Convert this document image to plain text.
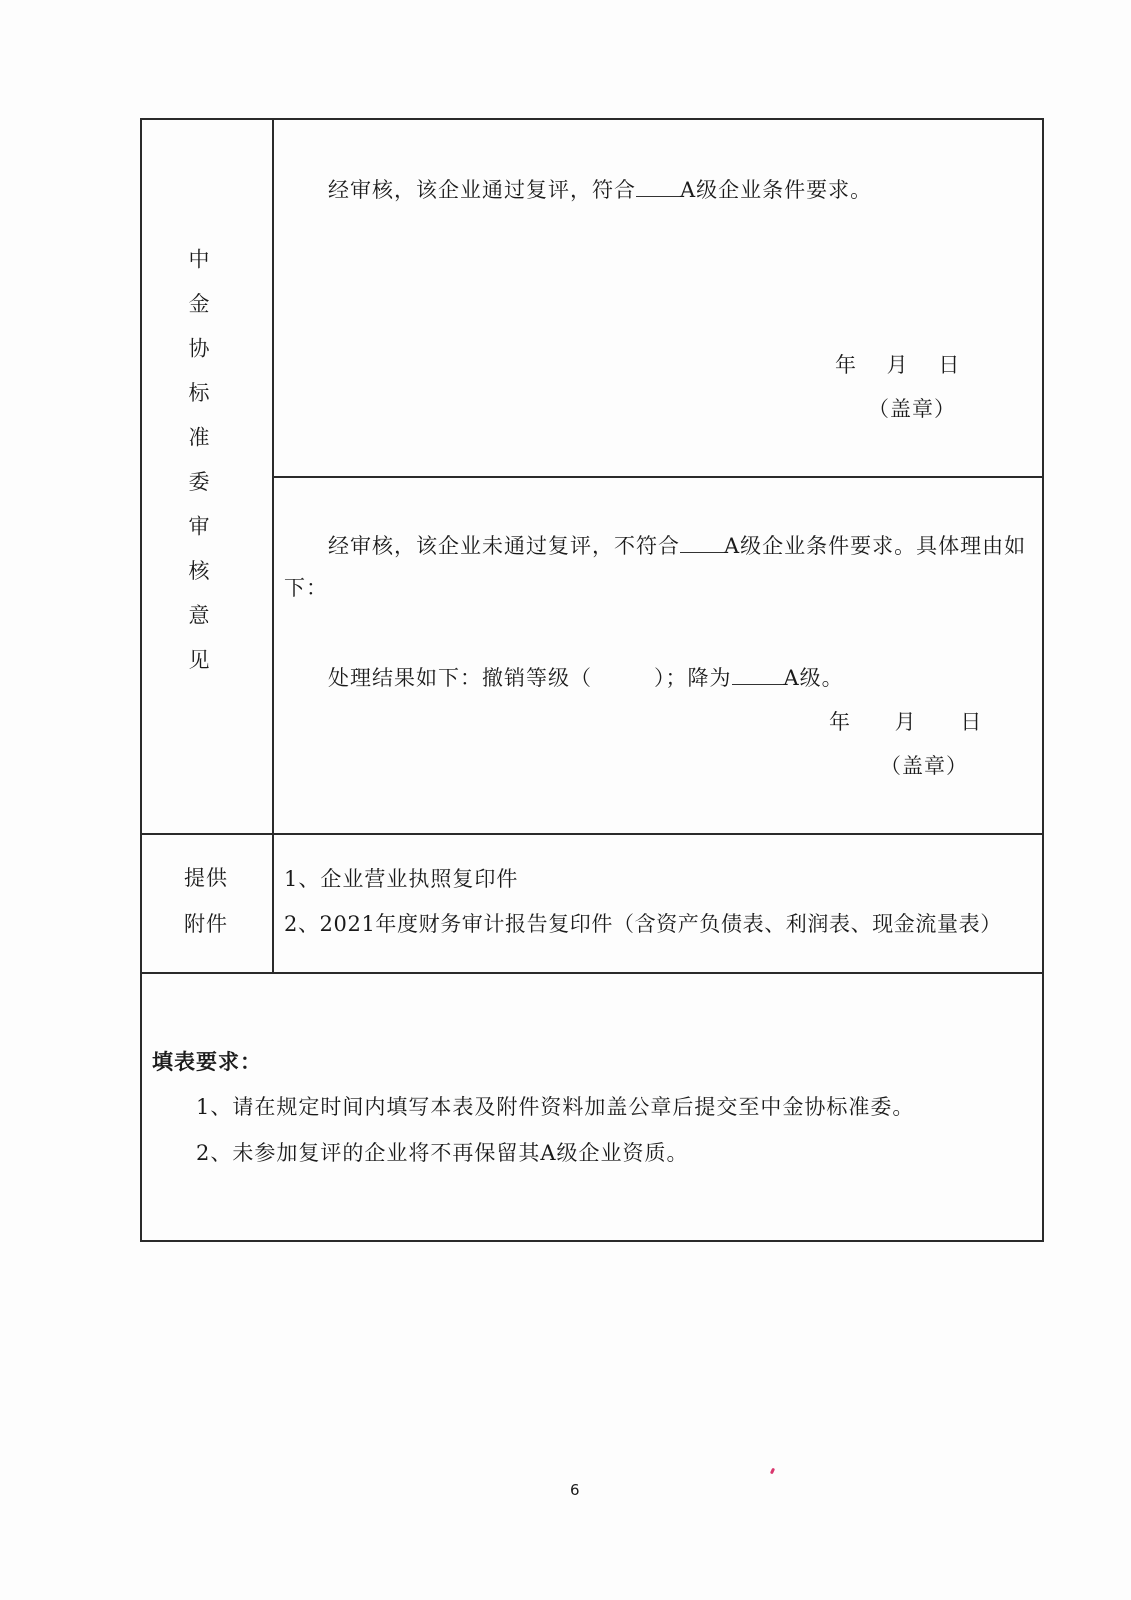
中金协标准委审核意见
经审核，该企业通过复评，符合 A级企业条件要求。
年 月 日
（盖章）
经审核，该企业未通过复评，不符合 A级企业条件要求。具体理由如
下：
处理结果如下：撤销等级（	）；降为 A级。
年 月 日
（盖章）
提供
附件
1、企业营业执照复印件
2、2021年度财务审计报告复印件（含资产负债表、利润表、现金流量表）
填表要求：
1、请在规定时间内填写本表及附件资料加盖公章后提交至中金协标准委。
2、未参加复评的企业将不再保留其A级企业资质。
6
